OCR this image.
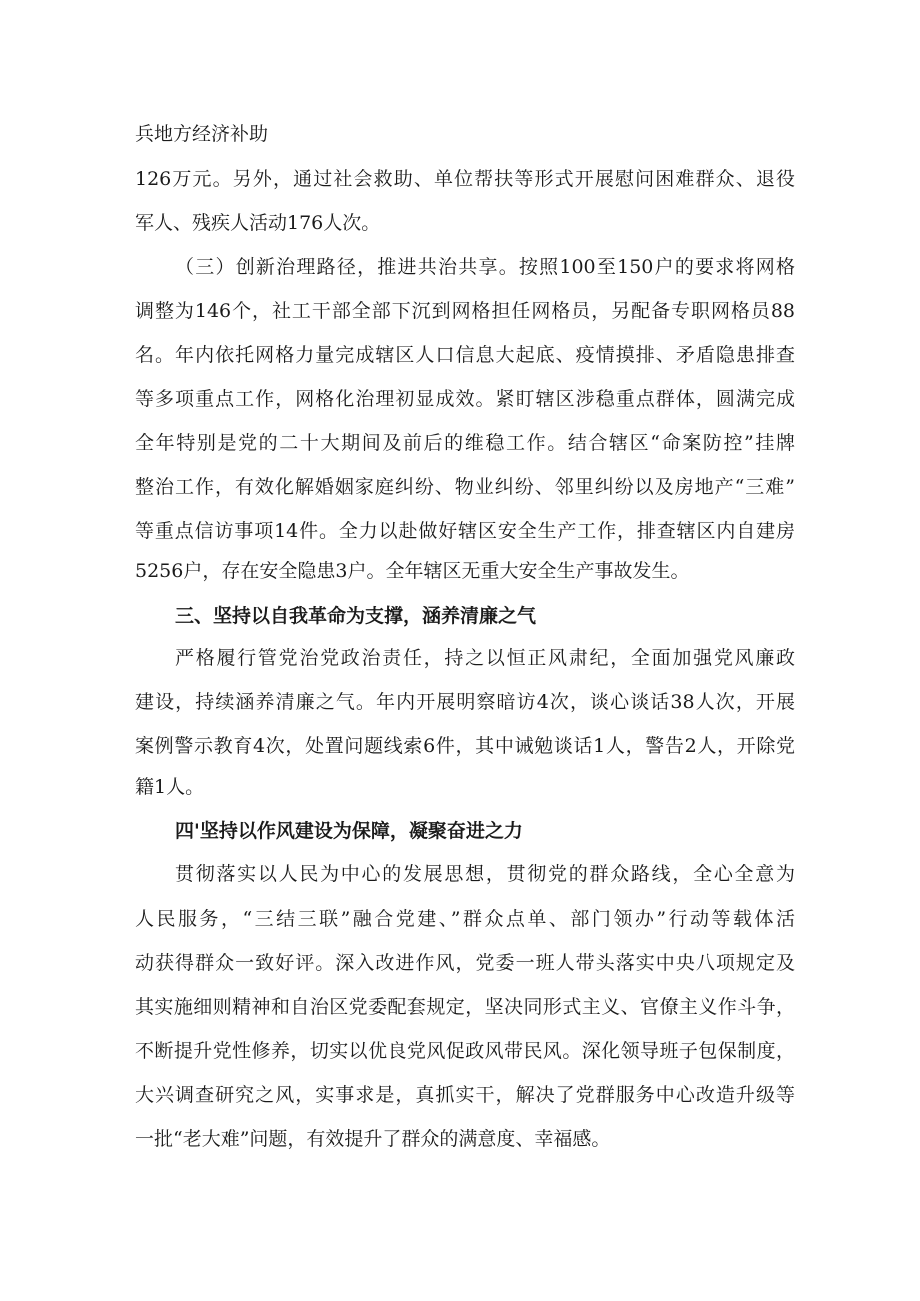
兵地方经济补助
126万元。另外，通过社会救助、单位帮扶等形式开展慰问困难群众、退役
军人、残疾人活动176人次。
（三）创新治理路径，推进共治共享。按照100至150户的要求将网格
调整为146个，社工干部全部下沉到网格担任网格员，另配备专职网格员88
名。年内依托网格力量完成辖区人口信息大起底、疫情摸排、矛盾隐患排查
等多项重点工作，网格化治理初显成效。紧盯辖区涉稳重点群体，圆满完成
全年特别是党的二十大期间及前后的维稳工作。结合辖区“命案防控”挂牌
整治工作，有效化解婚姻家庭纠纷、物业纠纷、邻里纠纷以及房地产“三难”
等重点信访事项14件。全力以赴做好辖区安全生产工作，排查辖区内自建房
5256户，存在安全隐患3户。全年辖区无重大安全生产事故发生。
三、坚持以自我革命为支撑，涵养清廉之气
严格履行管党治党政治责任，持之以恒正风肃纪，全面加强党风廉政
建设，持续涵养清廉之气。年内开展明察暗访4次，谈心谈话38人次，开展
案例警示教育4次，处置问题线索6件，其中诫勉谈话1人，警告2人，开除党
籍1人。
四'坚持以作风建设为保障，凝聚奋进之力
贯彻落实以人民为中心的发展思想，贯彻党的群众路线，全心全意为
人民服务，“三结三联”融合党建、”群众点单、部门领办”行动等载体活
动获得群众一致好评。深入改进作风，党委一班人带头落实中央八项规定及
其实施细则精神和自治区党委配套规定，坚决同形式主义、官僚主义作斗争，
不断提升党性修养，切实以优良党风促政风带民风。深化领导班子包保制度，
大兴调查研究之风，实事求是，真抓实干，解决了党群服务中心改造升级等
一批“老大难”问题，有效提升了群众的满意度、幸福感。
